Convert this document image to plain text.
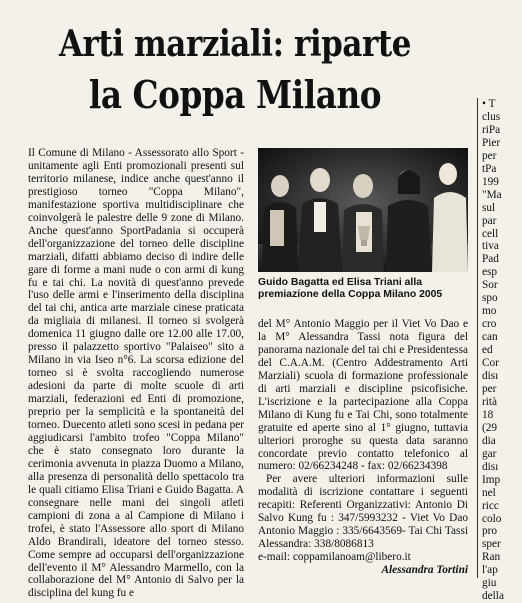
Arti marziali: riparte
la Coppa Milano

Il Comune di Milano - Assessorato allo Sport - unitamente agli Enti promozionali presenti sul territorio milanese, indice anche quest'anno il prestigioso torneo "Coppa Milano", manifestazione sportiva multidisciplinare che coinvolgerà le palestre delle 9 zone di Milano. Anche quest'anno SportPadania si occuperà dell'organizzazione del torneo delle discipline marziali, difatti abbiamo deciso di indire delle gare di forme a mani nude o con armi di kung fu e tai chi. La novità di quest'anno prevede l'uso delle armi e l'inserimento della disciplina del tai chi, antica arte marziale cinese praticata da migliaia di milanesi. Il torneo si svolgerà domenica 11 giugno dalle ore 12.00 alle 17.00, presso il palazzetto sportivo "Palaiseo" sito a Milano in via Iseo n°6. La scorsa edizione del torneo si è svolta raccogliendo numerose adesioni da parte di molte scuole di arti marziali, federazioni ed Enti di promozione, preprio per la semplicità e la spontaneità del torneo. Duecento atleti sono scesi in pedana per aggiudicarsi l'ambito trofeo "Coppa Milano" che è stato consegnato loro durante la cerimonia avvenuta in piazza Duomo a Milano, alla presenza di personalità dello spettacolo tra le quali citiamo Elisa Triani e Guido Bagatta. A consegnare nelle mani dei singoli atleti campioni di zona a al Campione di Milano i trofei, è stato l'Assessore allo sport di Milano Aldo Brandirali, ideatore del torneo stesso. Come sempre ad occuparsi dell'organizzazione dell'evento il M° Alessandro Marmello, con la collaborazione del M° Antonio di Salvo per la disciplina del kung fu e

Guido Bagatta ed Elisa Triani alla premiazione della Coppa Milano 2005

del M° Antonio Maggio per il Viet Vo Dao e la M° Alessandra Tassi nota figura del panorama nazionale del tai chi e Presidentessa del C.A.A.M. (Centro Addestramento Arti Marziali) scuola di formazione professionale di arti marziali e discipline psicofisiche. L'iscrizione e la partecipazione alla Coppa Milano di Kung fu e Tai Chi, sono totalmente gratuite ed aperte sino al 1° giugno, tuttavia ulteriori proroghe su questa data saranno concordate previo contatto telefonico al numero: 02/66234248 - fax: 02/66234398

Per avere ulteriori informazioni sulle modalità di iscrizione contattare i seguenti recapiti: Referenti Organizzativi: Antonio Di Salvo Kung fu : 347/5993232 - Viet Vo Dao Antonio Maggio : 335/6643569- Tai Chi Tassi Alessandra: 338/8086813

e-mail: coppamilanoam@libero.it

Alessandra Tortini

• T
clus
riPa
Pier
per
tPa
199
"Ma
sul
par
cell
tiva
Pad
esp
Sor
spo
mo
cro
can
ed
Cor
disı
per
rità
18
(29
dia
gar
disı
Imp
nel
ricc
colo
pro
sper
Ran
l'ap
giu
della
